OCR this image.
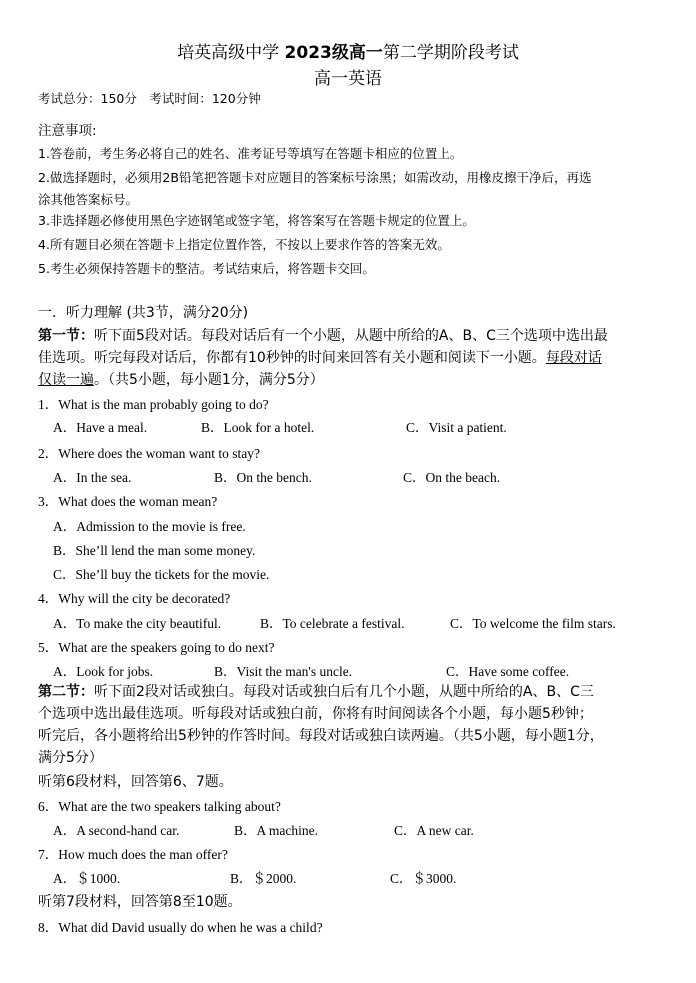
培英高级中学 2023级高一第二学期阶段考试
高一英语
考试总分：150分　考试时间：120分钟
注意事项:
1.答卷前，考生务必将自己的姓名、准考证号等填写在答题卡相应的位置上。
2.做选择题时，必须用2B铅笔把答题卡对应题目的答案标号涂黑；如需改动，用橡皮擦干净后，再选
涂其他答案标号。
3.非选择题必修使用黑色字迹钢笔或签字笔，将答案写在答题卡规定的位置上。
4.所有题目必须在答题卡上指定位置作答，不按以上要求作答的答案无效。
5.考生必须保持答题卡的整洁。考试结束后，将答题卡交回。
一．听力理解 (共3节，满分20分)
第一节：听下面5段对话。每段对话后有一个小题，从题中所给的A、B、C三个选项中选出最
佳选项。听完每段对话后，你都有10秒钟的时间来回答有关小题和阅读下一小题。每段对话
仅读一遍。（共5小题，每小题1分，满分5分）
1．What is the man probably going to do?
A．Have a meal.	B．Look for a hotel.	C．Visit a patient.
2．Where does the woman want to stay?
A．In the sea.	B．On the bench.	C．On the beach.
3．What does the woman mean?
A．Admission to the movie is free.
B．She’ll lend the man some money.
C．She’ll buy the tickets for the movie.
4．Why will the city be decorated?
A．To make the city beautiful.	B．To celebrate a festival.	C．To welcome the film stars.
5．What are the speakers going to do next?
A．Look for jobs.	B．Visit the man's uncle.	C．Have some coffee.
第二节：听下面2段对话或独白。每段对话或独白后有几个小题，从题中所给的A、B、C三
个选项中选出最佳选项。听每段对话或独白前，你将有时间阅读各个小题，每小题5秒钟；
听完后，各小题将给出5秒钟的作答时间。每段对话或独白读两遍。（共5小题，每小题1分，
满分5分）
听第6段材料，回答第6、7题。
6．What are the two speakers talking about?
A．A second-hand car.	B．A machine.	C．A new car.
7．How much does the man offer?
A．＄1000.	B．＄2000.	C．＄3000.
听第7段材料，回答第8至10题。
8．What did David usually do when he was a child?
